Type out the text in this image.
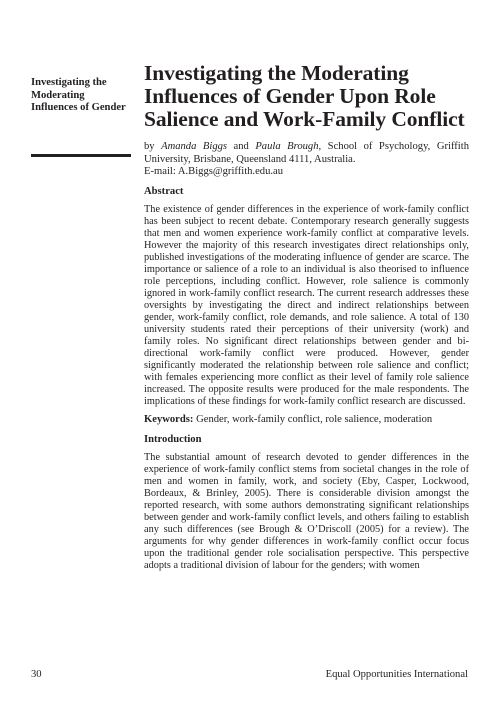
Investigating the Moderating Influences of Gender
Investigating the Moderating Influences of Gender Upon Role Salience and Work-Family Conflict
by Amanda Biggs and Paula Brough, School of Psychology, Griffith University, Brisbane, Queensland 4111, Australia.
E-mail: A.Biggs@griffith.edu.au
Abstract

The existence of gender differences in the experience of work-family conflict has been subject to recent debate. Contemporary research generally suggests that men and women experience work-family conflict at comparative levels. However the majority of this research investigates direct relationships only, published investigations of the moderating influence of gender are scarce. The importance or salience of a role to an individual is also theorised to influence role perceptions, including conflict. However, role salience is commonly ignored in work-family conflict research. The current research addresses these oversights by investigating the direct and indirect relationships between gender, work-family conflict, role demands, and role salience. A total of 130 university students rated their perceptions of their university (work) and family roles. No significant direct relationships between gender and bi-directional work-family conflict were produced. However, gender significantly moderated the relationship between role salience and conflict; with females experiencing more conflict as their level of family role salience increased. The opposite results were produced for the male respondents. The implications of these findings for work-family conflict research are discussed.

Keywords: Gender, work-family conflict, role salience, moderation

Introduction

The substantial amount of research devoted to gender differences in the experience of work-family conflict stems from societal changes in the role of men and women in family, work, and society (Eby, Casper, Lockwood, Bordeaux, & Brinley, 2005). There is considerable division amongst the reported research, with some authors demonstrating significant relationships between gender and work-family conflict levels, and others failing to establish any such differences (see Brough & O’Driscoll (2005) for a review). The arguments for why gender differences in work-family conflict occur focus upon the traditional gender role socialisation perspective. This perspective adopts a traditional division of labour for the genders; with women

30	Equal Opportunities International
